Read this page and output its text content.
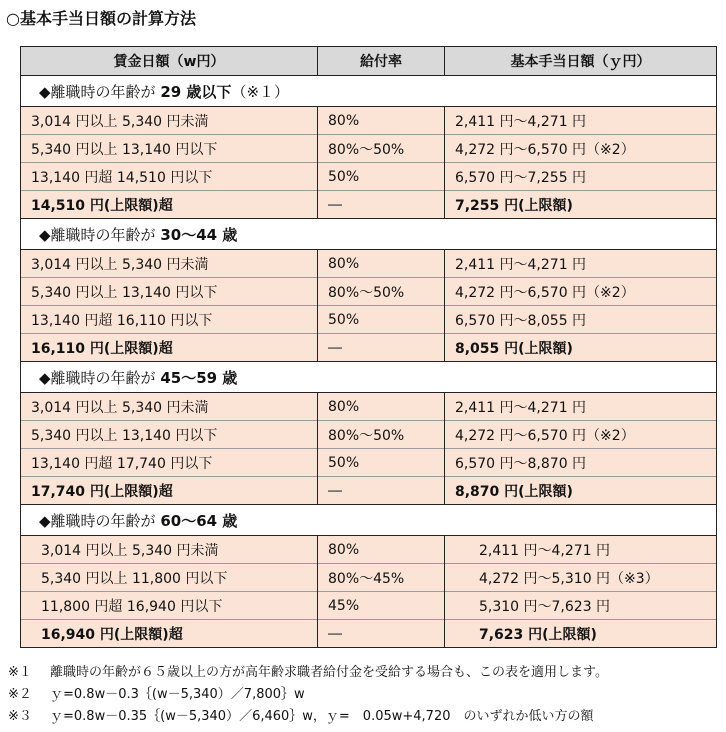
○基本手当日額の計算方法
賃金日額（w円）	給付率	基本手当日額（ｙ円）
◆離職時の年齢が 29 歳以下（※１）		
3,014 円以上 5,340 円未満	80%	2,411 円～4,271 円
5,340 円以上 13,140 円以下	80%～50%	4,272 円～6,570 円（※2）
13,140 円超 14,510 円以下	50%	6,570 円～7,255 円
14,510 円(上限額)超	―	7,255 円(上限額)
◆離職時の年齢が 30～44 歳		
3,014 円以上 5,340 円未満	80%	2,411 円～4,271 円
5,340 円以上 13,140 円以下	80%～50%	4,272 円～6,570 円（※2）
13,140 円超 16,110 円以下	50%	6,570 円～8,055 円
16,110 円(上限額)超	―	8,055 円(上限額)
◆離職時の年齢が 45～59 歳		
3,014 円以上 5,340 円未満	80%	2,411 円～4,271 円
5,340 円以上 13,140 円以下	80%～50%	4,272 円～6,570 円（※2）
13,140 円超 17,740 円以下	50%	6,570 円～8,870 円
17,740 円(上限額)超	―	8,870 円(上限額)
◆離職時の年齢が 60～64 歳		
3,014 円以上 5,340 円未満	80%	2,411 円～4,271 円
5,340 円以上 11,800 円以下	80%～45%	4,272 円～5,310 円（※3）
11,800 円超 16,940 円以下	45%	5,310 円～7,623 円
16,940 円(上限額)超	―	7,623 円(上限額)
※１ 離職時の年齢が６５歳以上の方が高年齢求職者給付金を受給する場合も、この表を適用します。
※２ ｙ=0.8w－0.3｛(w－5,340）／7,800｝w
※３ ｙ=0.8w－0.35｛(w－5,340）／6,460｝w，ｙ=　0.05w+4,720　のいずれか低い方の額
